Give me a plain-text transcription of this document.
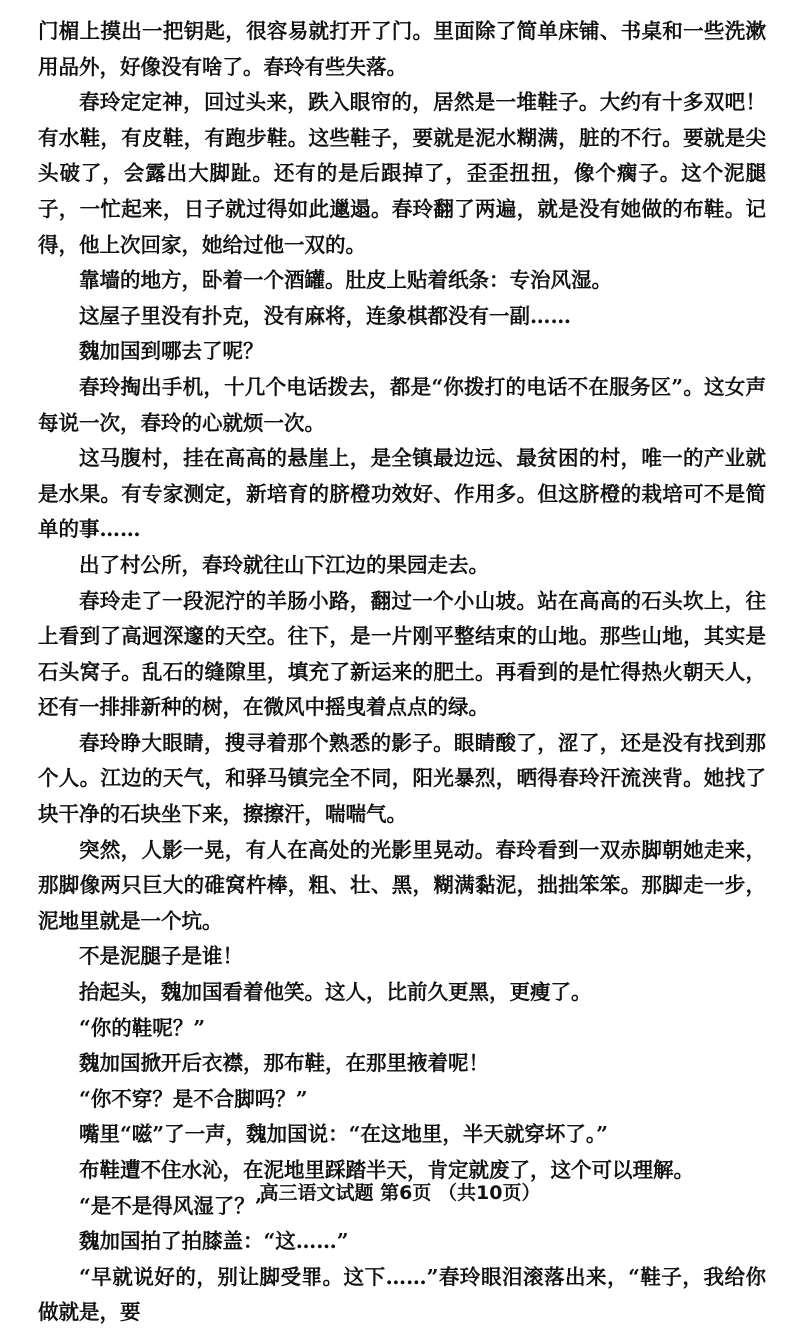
门楣上摸出一把钥匙，很容易就打开了门。里面除了简单床铺、书桌和一些洗漱用品外，好像没有啥了。春玲有些失落。

春玲定定神，回过头来，跌入眼帘的，居然是一堆鞋子。大约有十多双吧！有水鞋，有皮鞋，有跑步鞋。这些鞋子，要就是泥水糊满，脏的不行。要就是尖头破了，会露出大脚趾。还有的是后跟掉了，歪歪扭扭，像个瘸子。这个泥腿子，一忙起来，日子就过得如此邋遢。春玲翻了两遍，就是没有她做的布鞋。记得，他上次回家，她给过他一双的。

靠墙的地方，卧着一个酒罐。肚皮上贴着纸条：专治风湿。

这屋子里没有扑克，没有麻将，连象棋都没有一副……

魏加国到哪去了呢？

春玲掏出手机，十几个电话拨去，都是“你拨打的电话不在服务区”。这女声每说一次，春玲的心就烦一次。

这马腹村，挂在高高的悬崖上，是全镇最边远、最贫困的村，唯一的产业就是水果。有专家测定，新培育的脐橙功效好、作用多。但这脐橙的栽培可不是简单的事……

出了村公所，春玲就往山下江边的果园走去。

春玲走了一段泥泞的羊肠小路，翻过一个小山坡。站在高高的石头坎上，往上看到了高迥深邃的天空。往下，是一片刚平整结束的山地。那些山地，其实是石头窝子。乱石的缝隙里，填充了新运来的肥土。再看到的是忙得热火朝天人，还有一排排新种的树，在微风中摇曳着点点的绿。

春玲睁大眼睛，搜寻着那个熟悉的影子。眼睛酸了，涩了，还是没有找到那个人。江边的天气，和驿马镇完全不同，阳光暴烈，晒得春玲汗流浃背。她找了块干净的石块坐下来，擦擦汗，喘喘气。

突然，人影一晃，有人在高处的光影里晃动。春玲看到一双赤脚朝她走来，那脚像两只巨大的碓窝杵棒，粗、壮、黑，糊满黏泥，拙拙笨笨。那脚走一步，泥地里就是一个坑。

不是泥腿子是谁！

抬起头，魏加国看着他笑。这人，比前久更黑，更瘦了。

“你的鞋呢？”

魏加国掀开后衣襟，那布鞋，在那里掖着呢！

“你不穿？是不合脚吗？”

嘴里“嗞”了一声，魏加国说：“在这地里，半天就穿坏了。”

布鞋遭不住水沁，在泥地里踩踏半天，肯定就废了，这个可以理解。

“是不是得风湿了？”

魏加国拍了拍膝盖：“这……”

“早就说好的，别让脚受罪。这下……”春玲眼泪滚落出来，“鞋子，我给你做就是，要

高三语文试题 第6页 （共10页）
